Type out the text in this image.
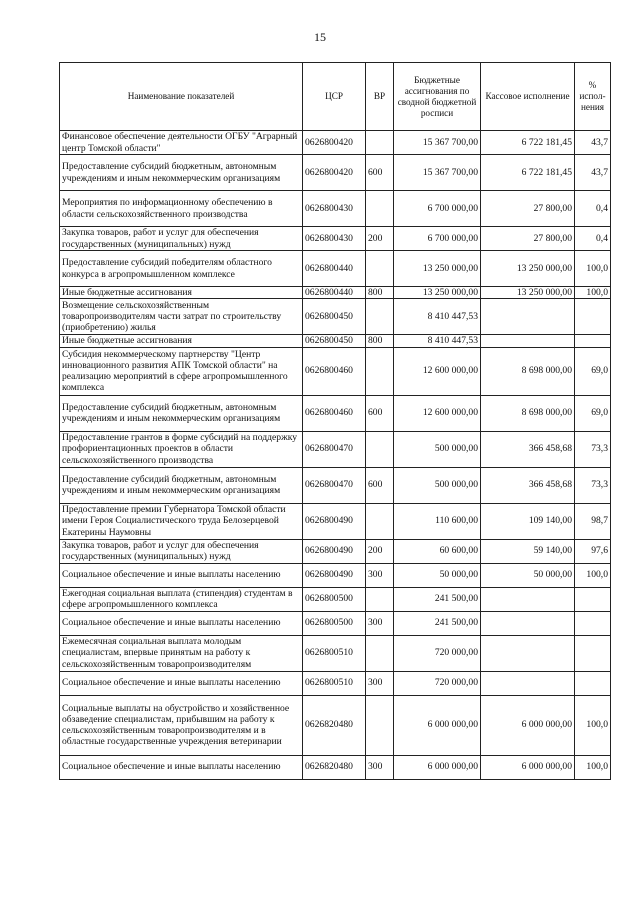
15
Наименование показателей	ЦСР	ВР	Бюджетные ассигнования по сводной бюджетной росписи	Кассовое исполнение	% испол-нения
Финансовое обеспечение деятельности ОГБУ "Аграрный центр Томской области"	0626800420		15 367 700,00	6 722 181,45	43,7
Предоставление субсидий бюджетным, автономным учреждениям и иным некоммерческим организациям	0626800420	600	15 367 700,00	6 722 181,45	43,7
Мероприятия по информационному обеспечению в области сельскохозяйственного производства	0626800430		6 700 000,00	27 800,00	0,4
Закупка товаров, работ и услуг для обеспечения государственных (муниципальных) нужд	0626800430	200	6 700 000,00	27 800,00	0,4
Предоставление субсидий победителям областного конкурса в агропромышленном комплексе	0626800440		13 250 000,00	13 250 000,00	100,0
Иные бюджетные ассигнования	0626800440	800	13 250 000,00	13 250 000,00	100,0
Возмещение сельскохозяйственным товаропроизводителям части затрат по строительству (приобретению) жилья	0626800450		8 410 447,53		
Иные бюджетные ассигнования	0626800450	800	8 410 447,53		
Субсидия некоммерческому партнерству "Центр инновационного развития АПК Томской области" на реализацию мероприятий в сфере агропромышленного комплекса	0626800460		12 600 000,00	8 698 000,00	69,0
Предоставление субсидий бюджетным, автономным учреждениям и иным некоммерческим организациям	0626800460	600	12 600 000,00	8 698 000,00	69,0
Предоставление грантов в форме субсидий на поддержку профориентационных проектов в области сельскохозяйственного производства	0626800470		500 000,00	366 458,68	73,3
Предоставление субсидий бюджетным, автономным учреждениям и иным некоммерческим организациям	0626800470	600	500 000,00	366 458,68	73,3
Предоставление премии Губернатора Томской области имени Героя Социалистического труда Белозерцевой Екатерины Наумовны	0626800490		110 600,00	109 140,00	98,7
Закупка товаров, работ и услуг для обеспечения государственных (муниципальных) нужд	0626800490	200	60 600,00	59 140,00	97,6
Социальное обеспечение и иные выплаты населению	0626800490	300	50 000,00	50 000,00	100,0
Ежегодная социальная выплата (стипендия) студентам в сфере агропромышленного комплекса	0626800500		241 500,00		
Социальное обеспечение и иные выплаты населению	0626800500	300	241 500,00		
Ежемесячная социальная выплата молодым специалистам, впервые принятым на работу к сельскохозяйственным товаропроизводителям	0626800510		720 000,00		
Социальное обеспечение и иные выплаты населению	0626800510	300	720 000,00		
Социальные выплаты на обустройство и хозяйственное обзаведение специалистам, прибывшим на работу к сельскохозяйственным товаропроизводителям и в областные государственные учреждения ветеринарии	0626820480		6 000 000,00	6 000 000,00	100,0
Социальное обеспечение и иные выплаты населению	0626820480	300	6 000 000,00	6 000 000,00	100,0
